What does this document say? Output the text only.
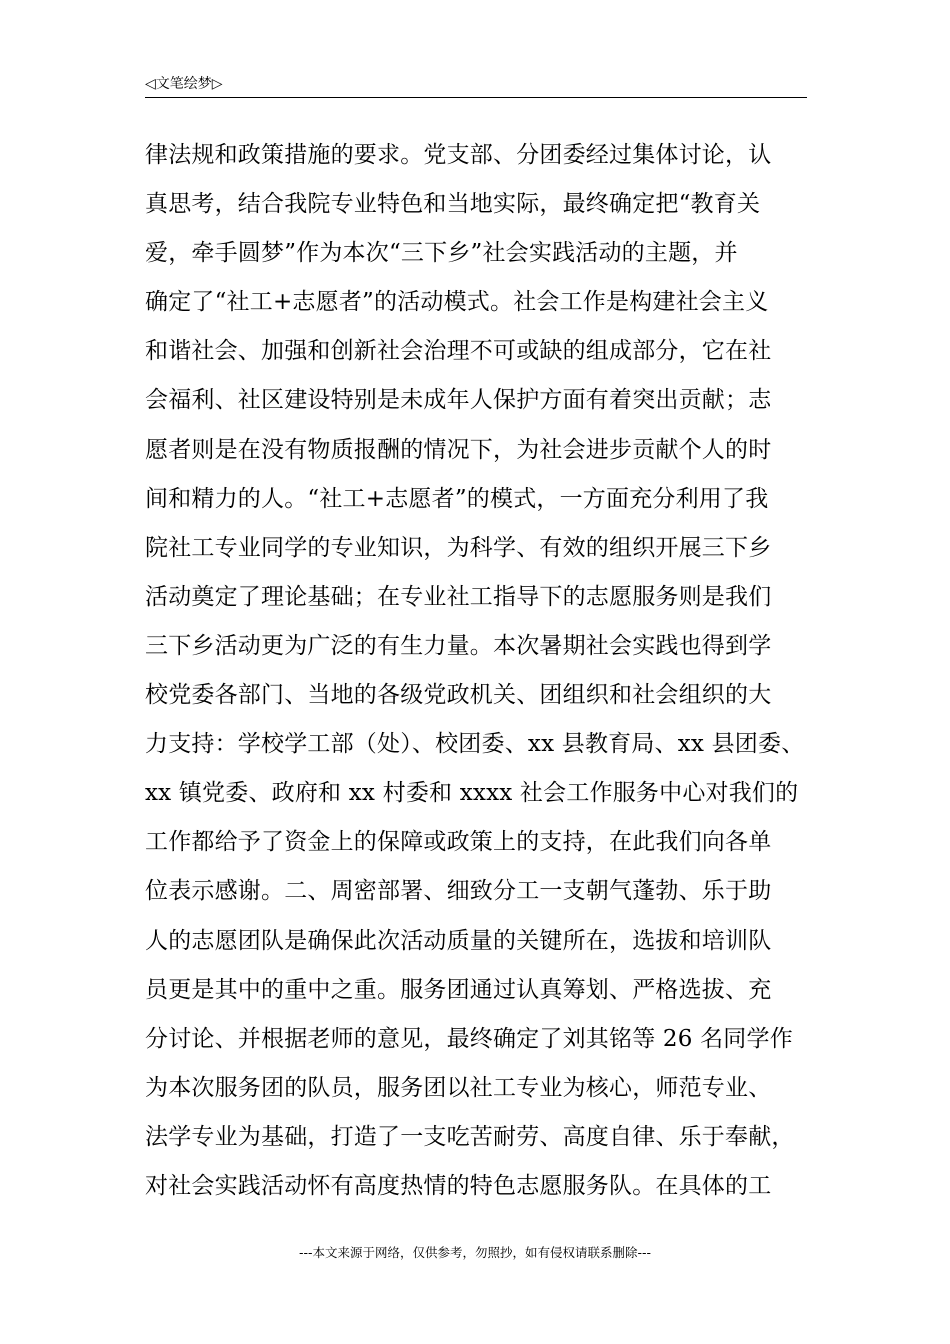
◁文笔绘梦▷
律法规和政策措施的要求。党支部、分团委经过集体讨论，认
真思考，结合我院专业特色和当地实际，最终确定把“教育关
爱，牵手圆梦”作为本次“三下乡”社会实践活动的主题，并
确定了“社工+志愿者”的活动模式。社会工作是构建社会主义
和谐社会、加强和创新社会治理不可或缺的组成部分，它在社
会福利、社区建设特别是未成年人保护方面有着突出贡献；志
愿者则是在没有物质报酬的情况下，为社会进步贡献个人的时
间和精力的人。“社工+志愿者”的模式，一方面充分利用了我
院社工专业同学的专业知识，为科学、有效的组织开展三下乡
活动奠定了理论基础；在专业社工指导下的志愿服务则是我们
三下乡活动更为广泛的有生力量。本次暑期社会实践也得到学
校党委各部门、当地的各级党政机关、团组织和社会组织的大
力支持：学校学工部（处）、校团委、xx 县教育局、xx 县团委、
xx 镇党委、政府和 xx 村委和 xxxx 社会工作服务中心对我们的
工作都给予了资金上的保障或政策上的支持，在此我们向各单
位表示感谢。二、周密部署、细致分工一支朝气蓬勃、乐于助
人的志愿团队是确保此次活动质量的关键所在，选拔和培训队
员更是其中的重中之重。服务团通过认真筹划、严格选拔、充
分讨论、并根据老师的意见，最终确定了刘其铭等 26 名同学作
为本次服务团的队员，服务团以社工专业为核心，师范专业、
法学专业为基础，打造了一支吃苦耐劳、高度自律、乐于奉献，
对社会实践活动怀有高度热情的特色志愿服务队。在具体的工
---本文来源于网络，仅供参考，勿照抄，如有侵权请联系删除---
